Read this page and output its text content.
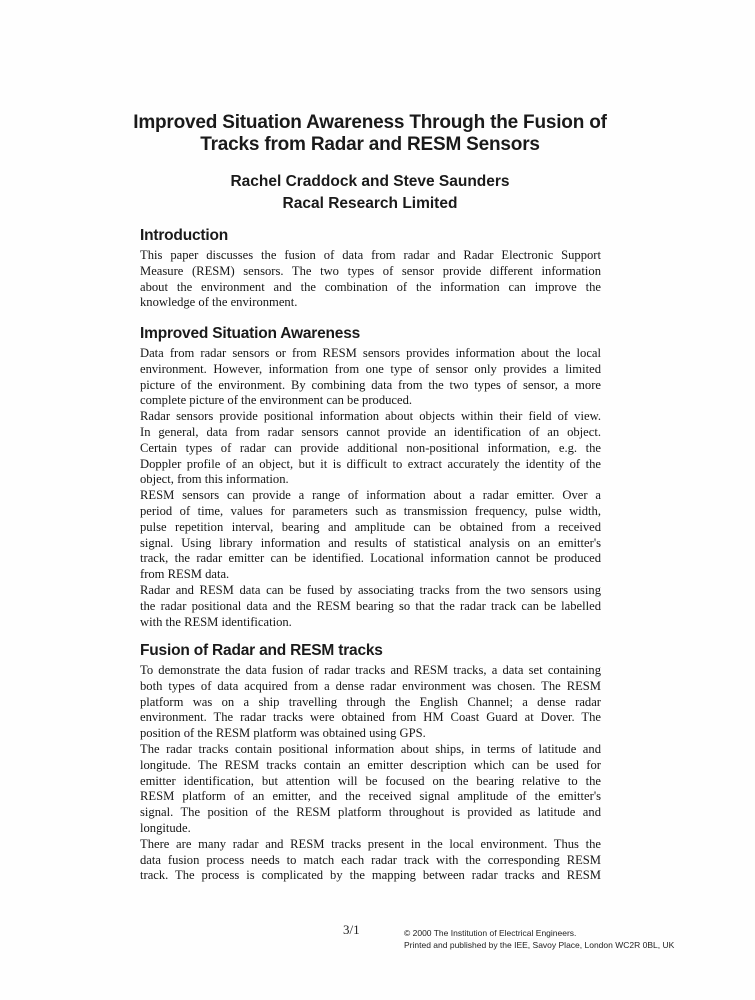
Improved Situation Awareness Through the Fusion of
Tracks from Radar and RESM Sensors
Rachel Craddock and Steve Saunders
Racal Research Limited
Introduction
This paper discusses the fusion of data from radar and Radar Electronic Support
Measure (RESM) sensors. The two types of sensor provide different information
about the environment and the combination of the information can improve the
knowledge of the environment.
Improved Situation Awareness
Data from radar sensors or from RESM sensors provides information about the local
environment. However, information from one type of sensor only provides a limited
picture of the environment. By combining data from the two types of sensor, a more
complete picture of the environment can be produced.
Radar sensors provide positional information about objects within their field of view.
In general, data from radar sensors cannot provide an identification of an object.
Certain types of radar can provide additional non-positional information, e.g. the
Doppler profile of an object, but it is difficult to extract accurately the identity of the
object, from this information.
RESM sensors can provide a range of information about a radar emitter. Over a
period of time, values for parameters such as transmission frequency, pulse width,
pulse repetition interval, bearing and amplitude can be obtained from a received
signal. Using library information and results of statistical analysis on an emitter's
track, the radar emitter can be identified. Locational information cannot be produced
from RESM data.
Radar and RESM data can be fused by associating tracks from the two sensors using
the radar positional data and the RESM bearing so that the radar track can be labelled
with the RESM identification.
Fusion of Radar and RESM tracks
To demonstrate the data fusion of radar tracks and RESM tracks, a data set containing
both types of data acquired from a dense radar environment was chosen. The RESM
platform was on a ship travelling through the English Channel; a dense radar
environment. The radar tracks were obtained from HM Coast Guard at Dover. The
position of the RESM platform was obtained using GPS.
The radar tracks contain positional information about ships, in terms of latitude and
longitude. The RESM tracks contain an emitter description which can be used for
emitter identification, but attention will be focused on the bearing relative to the
RESM platform of an emitter, and the received signal amplitude of the emitter's
signal. The position of the RESM platform throughout is provided as latitude and
longitude.
There are many radar and RESM tracks present in the local environment. Thus the
data fusion process needs to match each radar track with the corresponding RESM
track. The process is complicated by the mapping between radar tracks and RESM
3/1	© 2000 The Institution of Electrical Engineers.
Printed and published by the IEE, Savoy Place, London WC2R 0BL, UK
